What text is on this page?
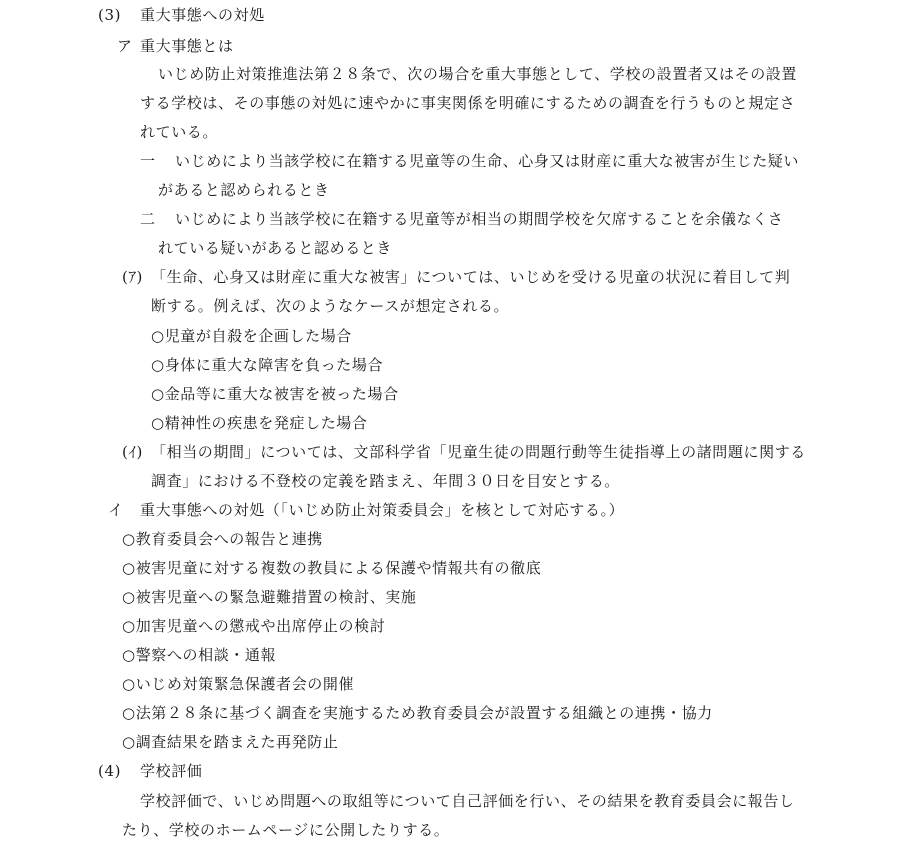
(3) 重大事態への対処
ア 重大事態とは
いじめ防止対策推進法第２８条で、次の場合を重大事態として、学校の設置者又はその設置
する学校は、その事態の対処に速やかに事実関係を明確にするための調査を行うものと規定さ
れている。
一 いじめにより当該学校に在籍する児童等の生命、心身又は財産に重大な被害が生じた疑い
があると認められるとき
二 いじめにより当該学校に在籍する児童等が相当の期間学校を欠席することを余儀なくさ
れている疑いがあると認めるとき
(ｱ) 「生命、心身又は財産に重大な被害」については、いじめを受ける児童の状況に着目して判
断する。例えば、次のようなケースが想定される。
○児童が自殺を企画した場合
○身体に重大な障害を負った場合
○金品等に重大な被害を被った場合
○精神性の疾患を発症した場合
(ｲ) 「相当の期間」については、文部科学省「児童生徒の問題行動等生徒指導上の諸問題に関する
調査」における不登校の定義を踏まえ、年間３０日を目安とする。
イ 重大事態への対処（「いじめ防止対策委員会」を核として対応する。）
○教育委員会への報告と連携
○被害児童に対する複数の教員による保護や情報共有の徹底
○被害児童への緊急避難措置の検討、実施
○加害児童への懲戒や出席停止の検討
○警察への相談・通報
○いじめ対策緊急保護者会の開催
○法第２８条に基づく調査を実施するため教育委員会が設置する組織との連携・協力
○調査結果を踏まえた再発防止
(4) 学校評価
学校評価で、いじめ問題への取組等について自己評価を行い、その結果を教育委員会に報告し
たり、学校のホームページに公開したりする。
